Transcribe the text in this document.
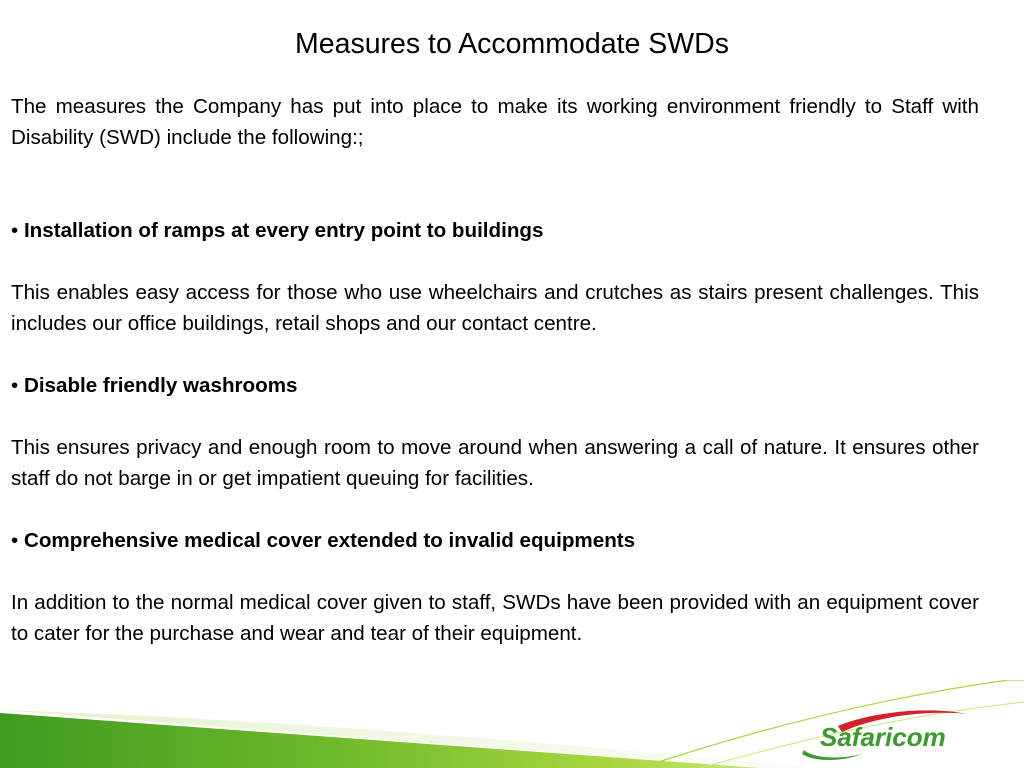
Measures to Accommodate SWDs

The measures the Company has put into place to make its working environment friendly to Staff with Disability (SWD) include the following:;

• Installation of ramps at every entry point to buildings

This enables easy access for those who use wheelchairs and crutches as stairs present challenges. This includes our office buildings, retail shops and our contact centre.

• Disable friendly washrooms

This ensures privacy and enough room to move around when answering a call of nature. It ensures other staff do not barge in or get impatient queuing for facilities.

• Comprehensive medical cover extended to invalid equipments

In addition to the normal medical cover given to staff, SWDs have been provided with an equipment cover to cater for the purchase and wear and tear of their equipment.

Safaricom
